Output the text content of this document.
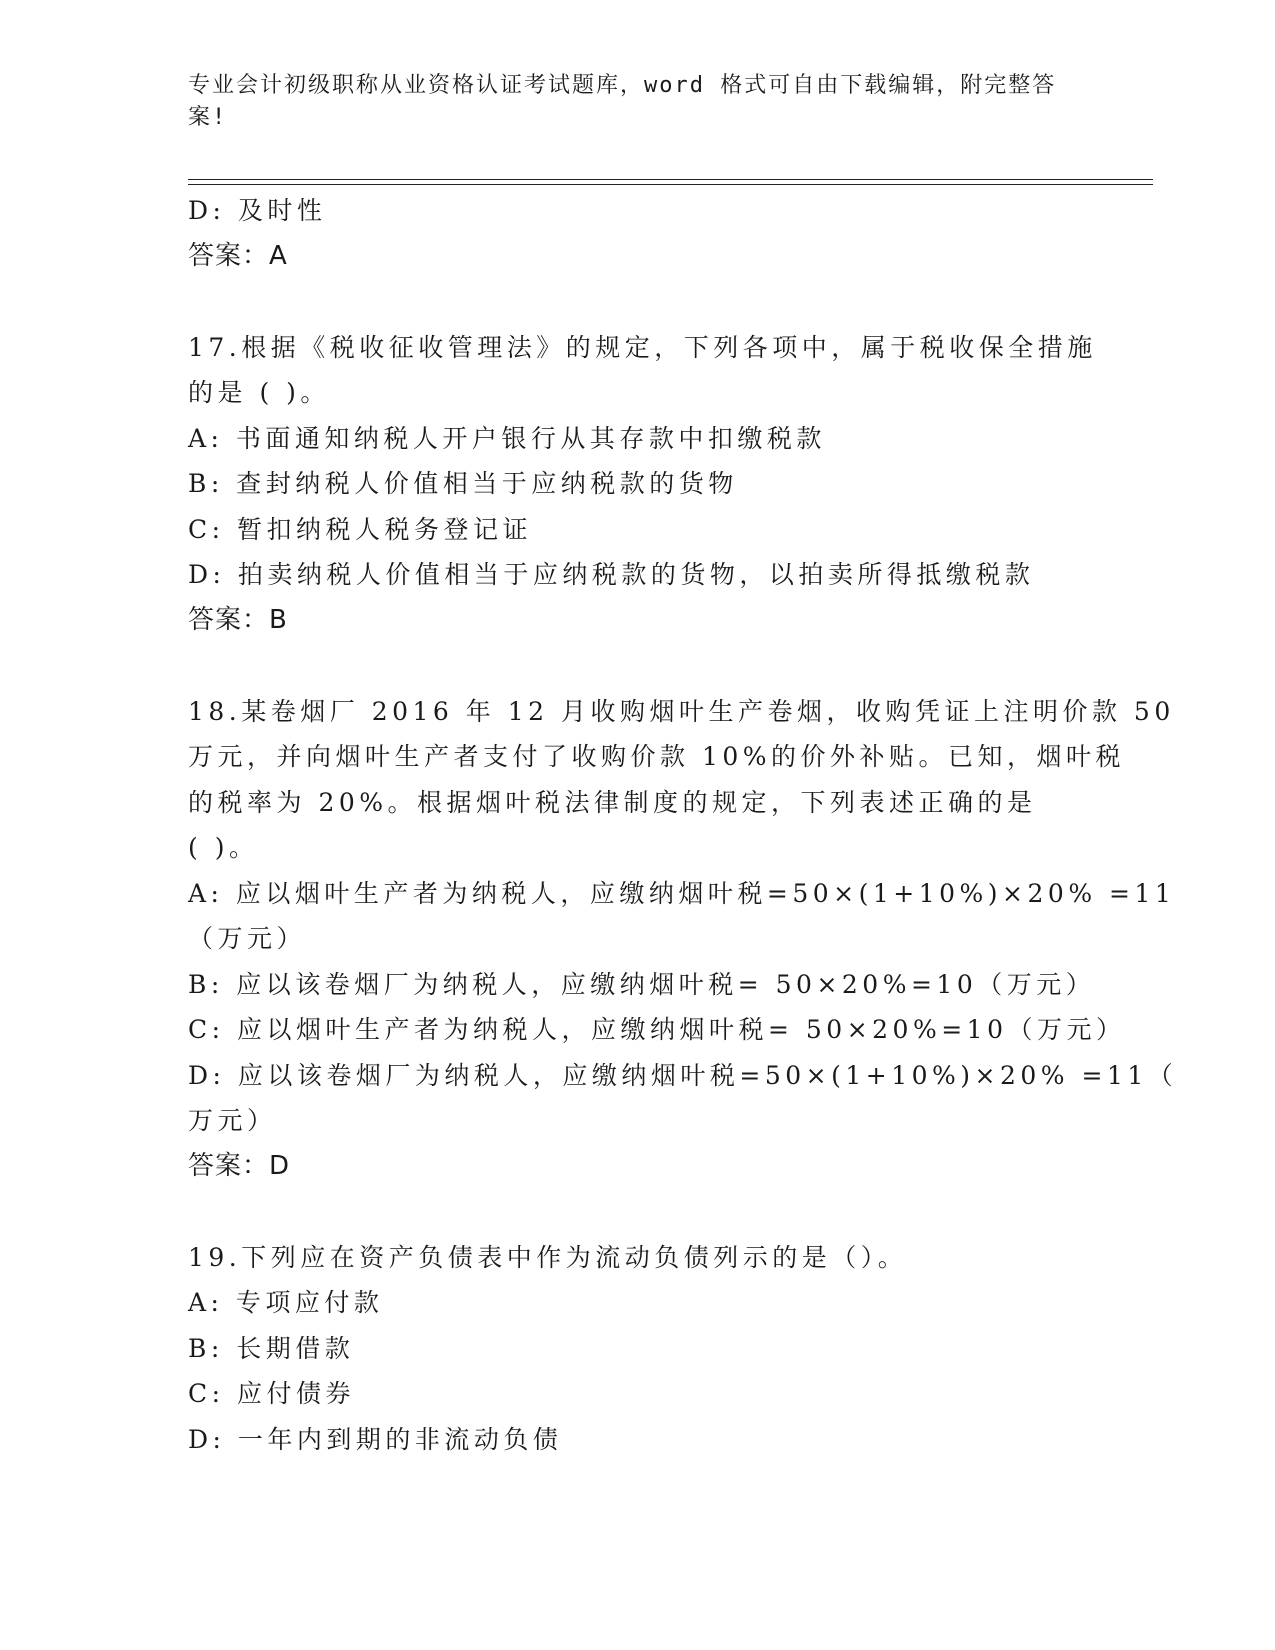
专业会计初级职称从业资格认证考试题库，word 格式可自由下载编辑，附完整答
案!
D: 及时性
答案：A
17.根据《税收征收管理法》的规定，下列各项中，属于税收保全措施
的是 ( )。
A: 书面通知纳税人开户银行从其存款中扣缴税款
B: 查封纳税人价值相当于应纳税款的货物
C: 暂扣纳税人税务登记证
D: 拍卖纳税人价值相当于应纳税款的货物，以拍卖所得抵缴税款
答案：B
18.某卷烟厂 2016 年 12 月收购烟叶生产卷烟，收购凭证上注明价款 50
万元，并向烟叶生产者支付了收购价款 10%的价外补贴。已知，烟叶税
的税率为 20%。根据烟叶税法律制度的规定，下列表述正确的是
( )。
A: 应以烟叶生产者为纳税人，应缴纳烟叶税=50×(1+10%)×20% =11
（万元）
B: 应以该卷烟厂为纳税人，应缴纳烟叶税= 50×20%=10（万元）
C: 应以烟叶生产者为纳税人，应缴纳烟叶税= 50×20%=10（万元）
D: 应以该卷烟厂为纳税人，应缴纳烟叶税=50×(1+10%)×20% =11（
万元）
答案：D
19.下列应在资产负债表中作为流动负债列示的是（）。
A: 专项应付款
B: 长期借款
C: 应付债券
D: 一年内到期的非流动负债
